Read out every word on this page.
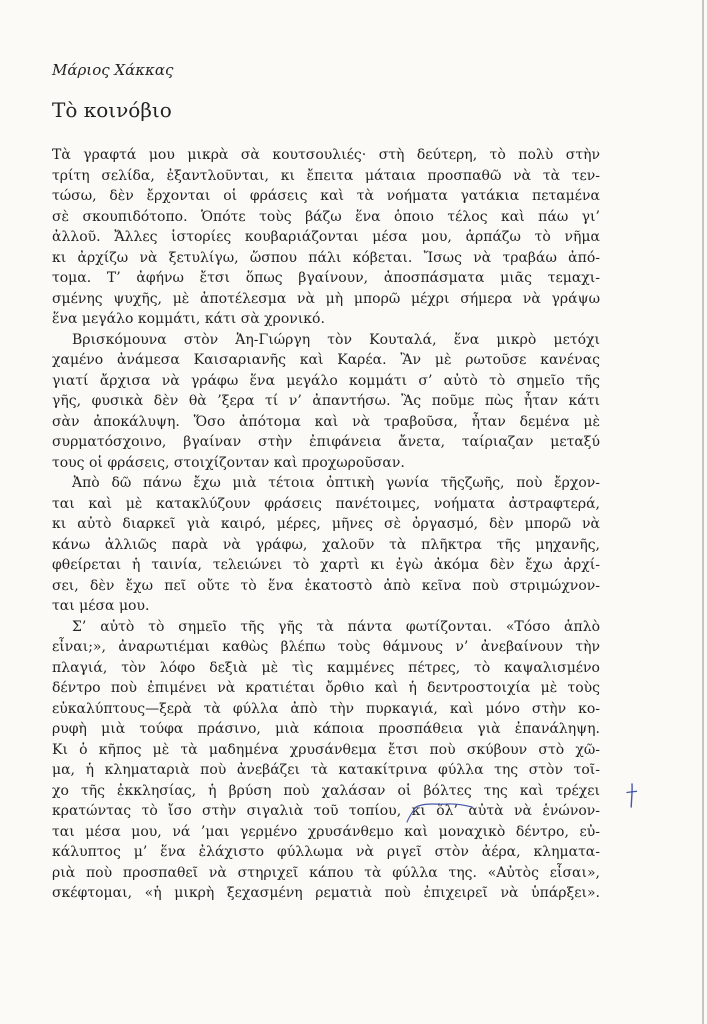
Μάριος Χάκκας
Τὸ κοινόβιο
Τὰ γραφτά μου μικρὰ σὰ κουτσουλιές· στὴ δεύτερη, τὸ πολὺ στὴν
τρίτη σελίδα, ἐξαντλοῦνται, κι ἔπειτα μάταια προσπαθῶ νὰ τὰ τεν-
τώσω, δὲν ἔρχονται οἱ φράσεις καὶ τὰ νοήματα γατάκια πεταμένα
σὲ σκουπιδότοπο. Ὁπότε τοὺς βάζω ἕνα ὁποιο τέλος καὶ πάω γι’
ἀλλοῦ. Ἄλλες ἱστορίες κουβαριάζονται μέσα μου, ἁρπάζω τὸ νῆμα
κι ἀρχίζω νὰ ξετυλίγω, ὥσπου πάλι κόβεται. Ἴσως νὰ τραβάω ἀπό-
τομα. Τ’ ἀφήνω ἔτσι ὅπως βγαίνουν, ἀποσπάσματα μιᾶς τεμαχι-
σμένης ψυχῆς, μὲ ἀποτέλεσμα νὰ μὴ μπορῶ μέχρι σήμερα νὰ γράψω
ἕνα μεγάλο κομμάτι, κάτι σὰ χρονικό.
Βρισκόμουνα στὸν Ἁη-Γιώργη τὸν Κουταλά, ἕνα μικρὸ μετόχι
χαμένο ἀνάμεσα Καισαριανῆς καὶ Καρέα. Ἂν μὲ ρωτοῦσε κανένας
γιατί ἄρχισα νὰ γράφω ἕνα μεγάλο κομμάτι σ’ αὐτὸ τὸ σημεῖο τῆς
γῆς, φυσικὰ δὲν θὰ ’ξερα τί ν’ ἀπαντήσω. Ἂς ποῦμε πὼς ἦταν κάτι
σὰν ἀποκάλυψη. Ὅσο ἀπότομα καὶ νὰ τραβοῦσα, ἦταν δεμένα μὲ
συρματόσχοινο, βγαίναν στὴν ἐπιφάνεια ἄνετα, ταίριαζαν μεταξύ
τους οἱ φράσεις, στοιχίζονταν καὶ προχωροῦσαν.
Ἀπὸ δῶ πάνω ἔχω μιὰ τέτοια ὀπτικὴ γωνία τῆςζωῆς, ποὺ ἔρχον-
ται καὶ μὲ κατακλύζουν φράσεις πανέτοιμες, νοήματα ἀστραφτερά,
κι αὐτὸ διαρκεῖ γιὰ καιρό, μέρες, μῆνες σὲ ὀργασμό, δὲν μπορῶ νὰ
κάνω ἀλλιῶς παρὰ νὰ γράφω, χαλοῦν τὰ πλῆκτρα τῆς μηχανῆς,
φθείρεται ἡ ταινία, τελειώνει τὸ χαρτὶ κι ἐγὼ ἀκόμα δὲν ἔχω ἀρχί-
σει, δὲν ἔχω πεῖ οὔτε τὸ ἕνα ἑκατοστὸ ἀπὸ κεῖνα ποὺ στριμώχνον-
ται μέσα μου.
Σ’ αὐτὸ τὸ σημεῖο τῆς γῆς τὰ πάντα φωτίζονται. «Τόσο ἁπλὸ
εἶναι;», ἀναρωτιέμαι καθὼς βλέπω τοὺς θάμνους ν’ ἀνεβαίνουν τὴν
πλαγιά, τὸν λόφο δεξιὰ μὲ τὶς καμμένες πέτρες, τὸ καψαλισμένο
δέντρο ποὺ ἐπιμένει νὰ κρατιέται ὄρθιο καὶ ἡ δεντροστοιχία μὲ τοὺς
εὐκαλύπτους—ξερὰ τὰ φύλλα ἀπὸ τὴν πυρκαγιά, καὶ μόνο στὴν κο-
ρυφὴ μιὰ τούφα πράσινο, μιὰ κάποια προσπάθεια γιὰ ἐπανάληψη.
Κι ὁ κῆπος μὲ τὰ μαδημένα χρυσάνθεμα ἔτσι ποὺ σκύβουν στὸ χῶ-
μα, ἡ κληματαριὰ ποὺ ἀνεβάζει τὰ κατακίτρινα φύλλα της στὸν τοῖ-
χο τῆς ἐκκλησίας, ἡ βρύση ποὺ χαλάσαν οἱ βόλτες της καὶ τρέχει
κρατώντας τὸ ἴσο στὴν σιγαλιὰ τοῦ τοπίου, κι ὅλ’ αὐτὰ νὰ ἑνώνον-
ται μέσα μου, νά ’μαι γερμένο χρυσάνθεμο καὶ μοναχικὸ δέντρο, εὐ-
κάλυπτος μ’ ἕνα ἐλάχιστο φύλλωμα νὰ ριγεῖ στὸν ἀέρα, κληματα-
ριὰ ποὺ προσπαθεῖ νὰ στηριχεῖ κάπου τὰ φύλλα της. «Αὐτὸς εἶσαι»,
σκέφτομαι, «ἡ μικρὴ ξεχασμένη ρεματιὰ ποὺ ἐπιχειρεῖ νὰ ὑπάρξει».
